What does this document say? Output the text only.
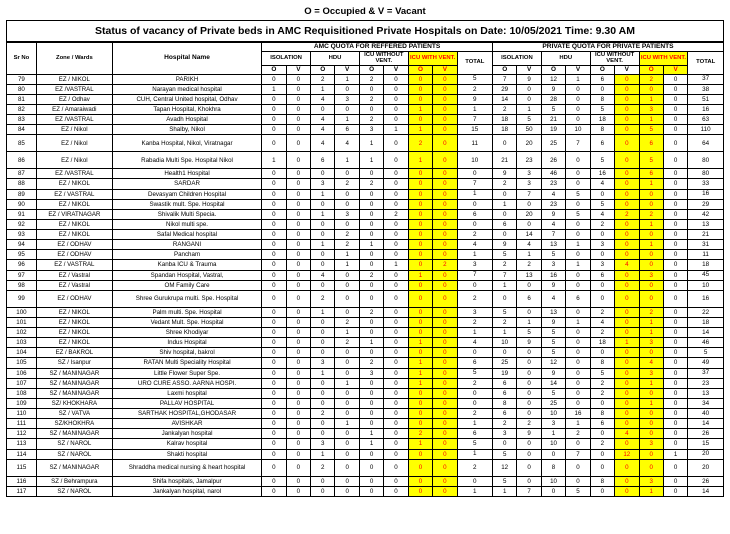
O = Occupied & V = Vacant
Status of vacancy of Private beds in AMC Requisitioned Private Hospitals on Date: 10/05/2021 Time: 9.30 AM
Sr No	Zone / Wards	Hospital Name	AMC QUOTA FOR REFFERED PATIENTS									PRIVATE QUOTA FOR PRIVATE PATIENTS								
			ISOLATION		HDU		ICU WITHOUT VENT.		ICU WITH VENT.		TOTAL	ISOLATION		HDU		ICU WITHOUT VENT.		ICU WITH VENT.		TOTAL
			O	V	O	V	O	V	O	V		O	V	O	V	O	V	O	V	
79	EZ / NIKOL	PARIKH	0	0	2	1	2	0	0	0	5	7	9	12	1	6	0	2	0	37
80	EZ /VASTRAL	Narayan medical hospital	1	0	1	0	0	0	0	0	2	29	0	9	0	0	0	0	0	38
81	EZ / Odhav	CUH, Central United hospital, Odhav	0	0	4	3	2	0	0	0	9	14	0	28	0	8	0	1	0	51
82	EZ / Amaraiwadi	Tapan Hospital, Khokhra	0	0	0	0	0	0	1	0	1	2	1	5	0	5	0	3	0	16
83	EZ /VASTRAL	Avadh Hospital	0	0	4	1	2	0	0	0	7	18	5	21	0	18	0	1	0	63
84	EZ / Nikol	Shalby, Nikol	0	0	4	6	3	1	1	0	15	18	50	19	10	8	0	5	0	110
85	EZ / Nikol	Kanba Hospital, Nikol, Viratnagar	0	0	4	4	1	0	2	0	11	0	20	25	7	6	0	6	0	64
86	EZ / Nikol	Rabadia Multi Spe. Hospital Nikol	1	0	6	1	1	0	1	0	10	21	23	26	0	5	0	5	0	80
87	EZ /VASTRAL	Health1 Hospital	0	0	0	0	0	0	0	0	0	9	3	46	0	16	0	6	0	80
88	EZ / NIKOL	SARDAR	0	0	3	2	2	0	0	0	7	2	3	23	0	4	0	1	0	33
89	EZ / VASTRAL	Devasyam Children Hospital	0	0	1	0	0	0	0	0	1	0	7	4	5	0	0	0	0	16
90	EZ / NIKOL	Swastik mult. Spe. Hospital	0	0	0	0	0	0	0	0	0	1	0	23	0	5	0	0	0	29
91	EZ / VIRATNAGAR	Shivalik Multi Specia.	0	0	1	3	0	2	0	0	6	0	20	9	5	4	2	2	0	42
92	EZ / NIKOL	Nikol multi spe.	0	0	0	0	0	0	0	0	0	6	0	4	0	2	0	1	0	13
93	EZ / NIKOL	Safal Medical hospital	0	0	0	2	0	0	0	0	2	0	14	7	0	0	0	0	0	21
94	EZ / ODHAV	RANGANI	0	0	1	2	1	0	0	0	4	9	4	13	1	3	0	1	0	31
95	EZ / ODHAV	Pancham	0	0	0	1	0	0	0	0	1	5	1	5	0	0	0	0	0	11
96	EZ / VASTRAL	Kanba ICU & Trauma	0	0	0	1	0	1	0	2	3	2	2	3	1	3	4	0	0	18
97	EZ / Vastral	Spandan Hospital, Vastral,	0	0	4	0	2	0	1	0	7	7	13	16	0	6	0	3	0	45
98	EZ / Vastral	OM Family Care	0	0	0	0	0	0	0	0	0	1	0	9	0	0	0	0	0	10
99	EZ / ODHAV	Shree Gurukrupa multi. Spe. Hospital	0	0	2	0	0	0	0	0	2	0	6	4	6	0	0	0	0	16
100	EZ / NIKOL	Palm multi. Spe. Hospital	0	0	1	0	2	0	0	0	3	5	0	13	0	2	0	2	0	22
101	EZ / NIKOL	Vedant Mult. Spe. Hospital	0	0	0	2	0	0	0	0	2	2	1	9	1	4	0	1	0	18
102	EZ / NIKOL	Shree Khodiyar	0	0	0	1	0	0	0	0	1	1	5	5	0	2	0	1	0	14
103	EZ / NIKOL	Indus Hospital	0	0	0	2	1	0	1	0	4	10	9	5	0	18	1	3	0	46
104	EZ / BAKROL	Shiv hospital, bakrol	0	0	0	0	0	0	0	0	0	0	0	5	0	0	0	0	0	5
105	SZ / Isanpur	RATAN Multi Speciality Hospital	0	0	3	0	2	0	1	0	6	25	0	12	0	8	0	4	0	49
106	SZ / MANINAGAR	Little Flower Super Spe.	0	0	1	0	3	0	1	0	5	19	0	9	0	5	0	3	0	37
107	SZ / MANINAGAR	URO CURE ASSO. AARNA HOSPI.	0	0	0	1	0	0	1	0	2	6	0	14	0	2	0	1	0	23
108	SZ / MANINAGAR	Laxmi hospital	0	0	0	0	0	0	0	0	0	6	0	5	0	2	0	0	0	13
109	SZ/ KHOKHARA	PALLAV HOSPITAL	0	0	0	0	0	0	0	0	0	8	0	25	0	0	0	1	0	34
110	SZ / VATVA	SARTHAK HOSPITAL,GHODASAR	0	0	2	0	0	0	0	0	2	6	0	10	16	8	0	0	0	40
111	SZ/KHOKHRA	AVISHKAR	0	0	0	1	0	0	0	0	1	2	2	3	1	6	0	0	0	14
112	SZ / MANINAGAR	Jankalyan hospital	0	0	0	0	1	0	2	0	6	3	9	1	2	0	4	0	0	26
113	SZ / NAROL	Kalrav hospital	0	0	3	0	1	0	1	0	5	0	0	10	0	2	0	3	0	15
114	SZ / NAROL	Shakti hospital	0	0	1	0	0	0	0	0	1	5	0	0	7	0	12	0	1	20
115	SZ / MANINAGAR	Shraddha medical nursing & heart hospital	0	0	2	0	0	0	0	0	2	12	0	8	0	0	0	0	0	20
116	SZ / Behrampura	Shifa hospitals, Jamalpur	0	0	0	0	0	0	0	0	0	5	0	10	0	8	0	3	0	26
117	SZ / NAROL	Jankalyan hospital, narol	0	0	0	0	0	0	0	0	1	1	7	0	5	0	0	1	0	14
